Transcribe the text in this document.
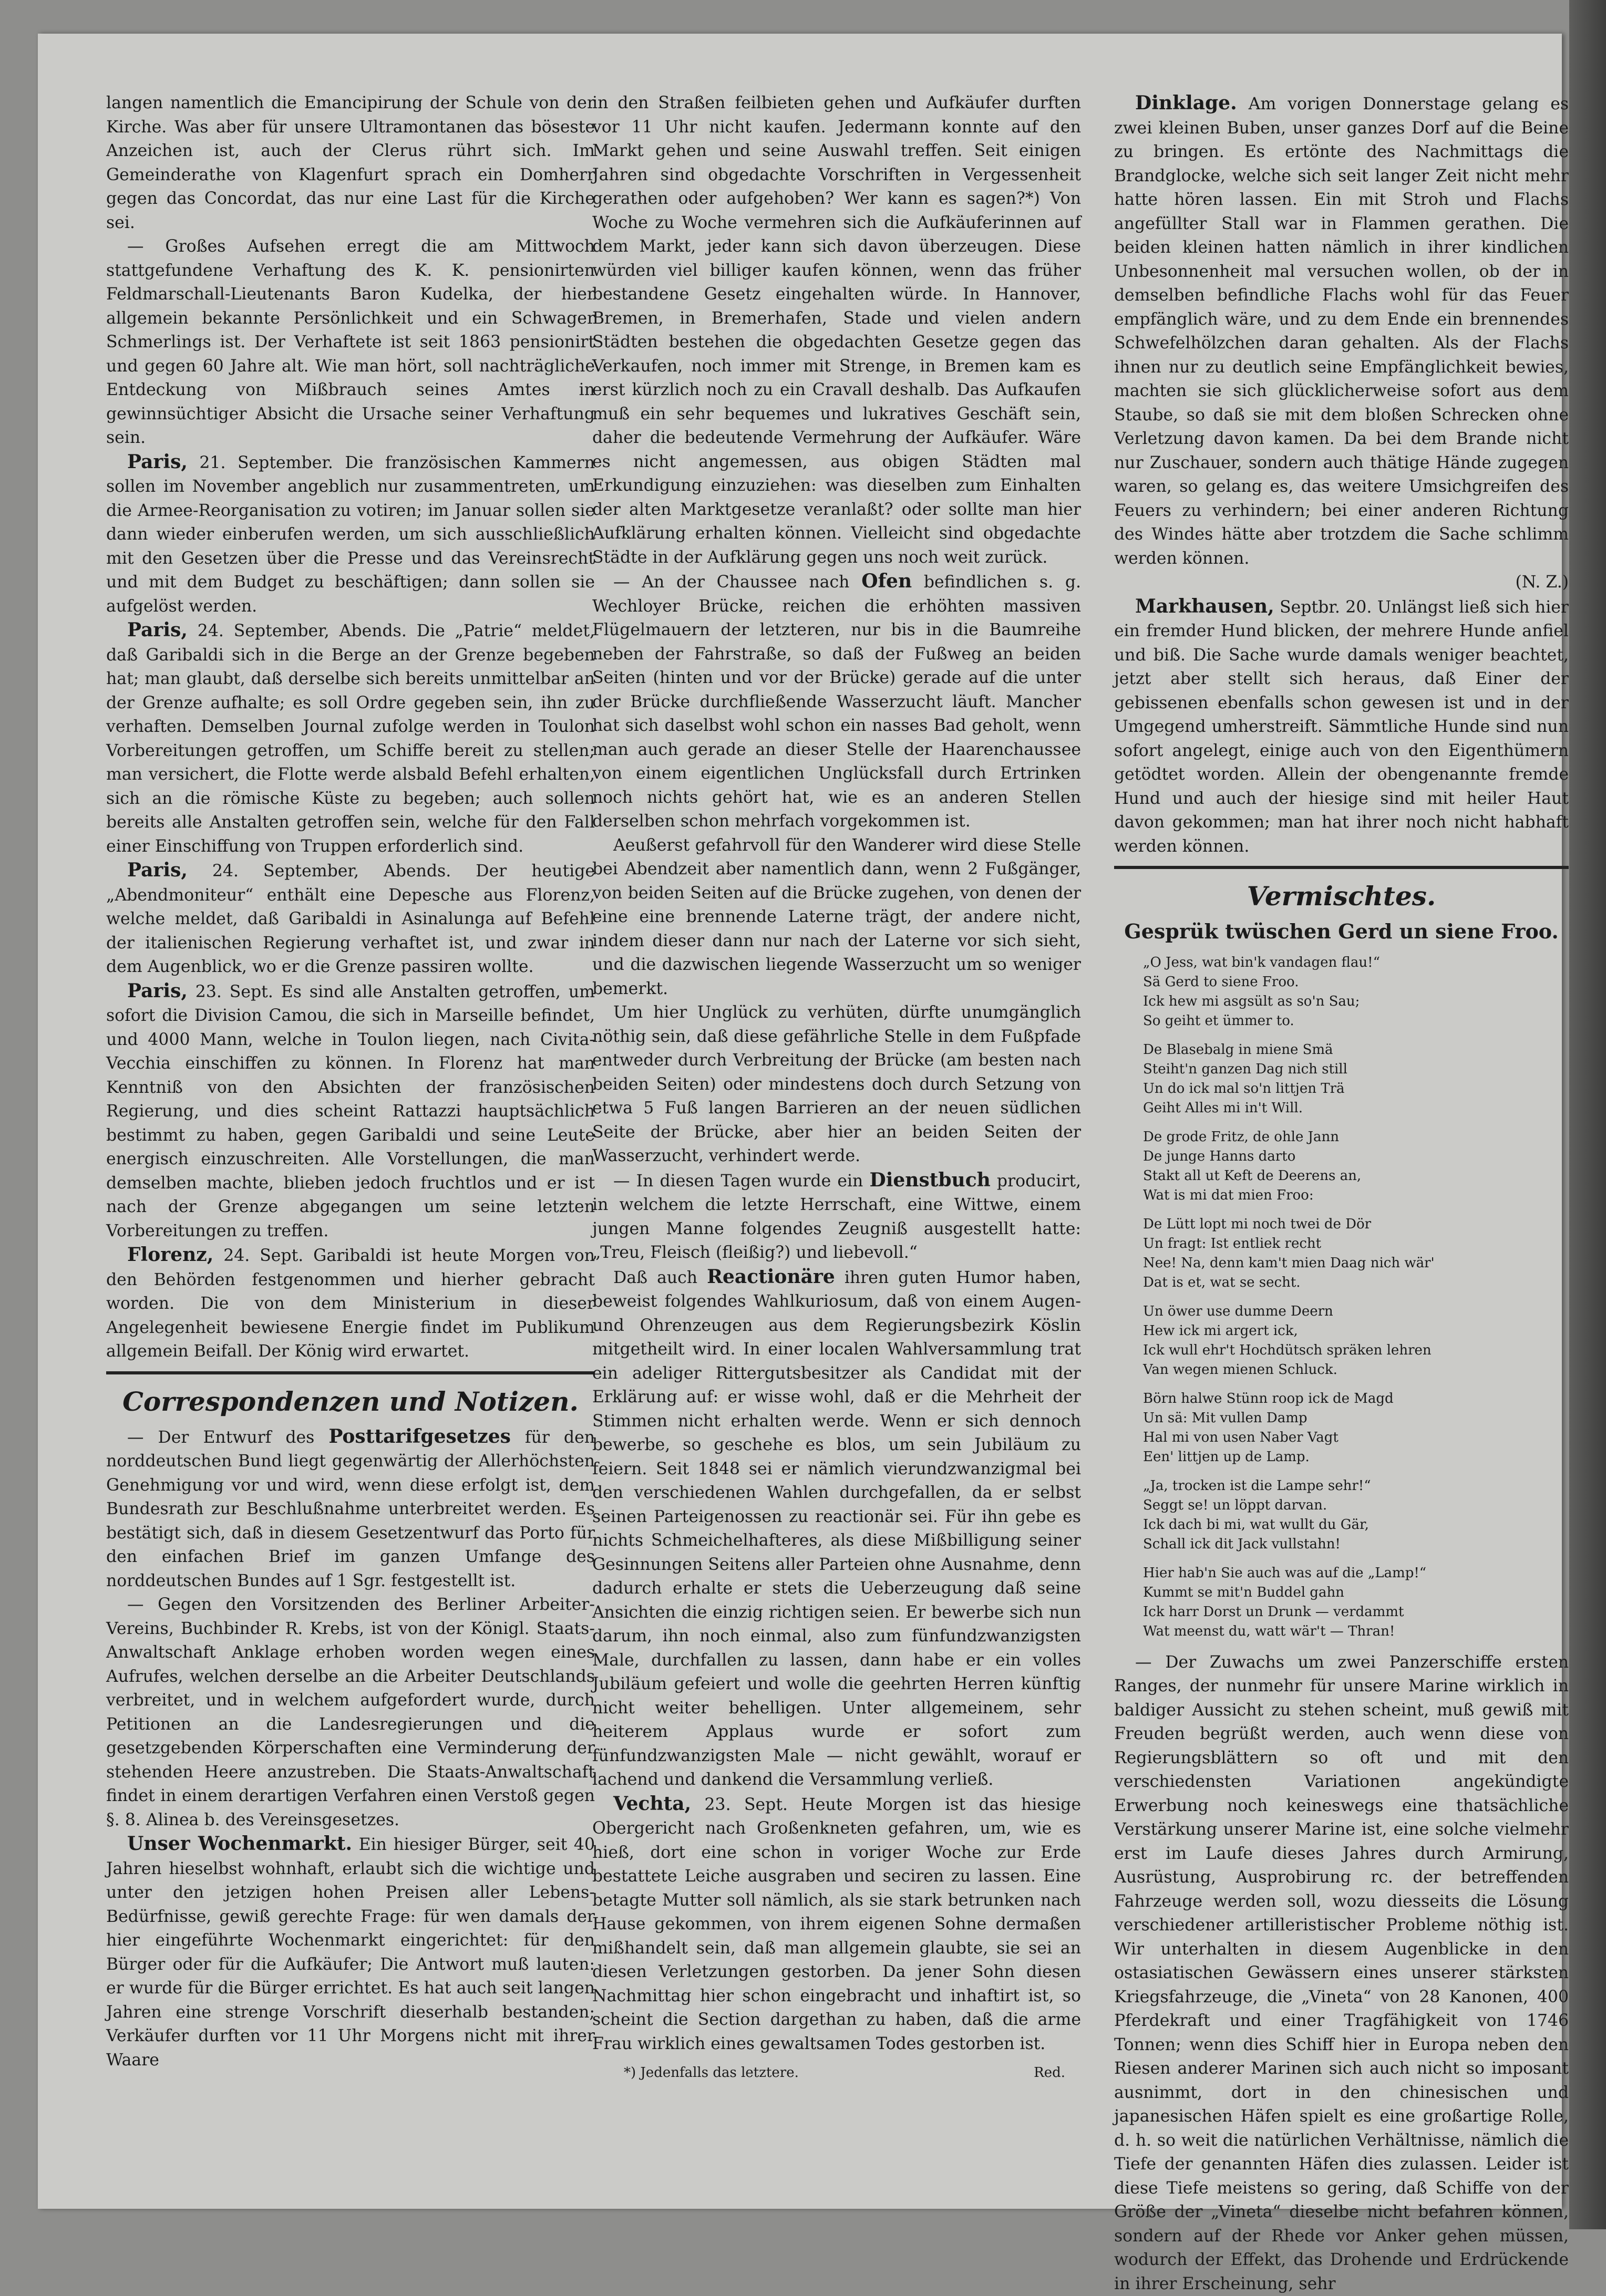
langen namentlich die Emancipirung der Schule von der Kirche. Was aber für unsere Ultramontanen das böseste Anzeichen ist, auch der Clerus rührt sich. Im Gemeinderathe von Klagenfurt sprach ein Domherr gegen das Concordat, das nur eine Last für die Kirche sei.

— Großes Aufsehen erregt die am Mittwoch stattgefundene Verhaftung des K. K. pensionirten Feldmarschall-Lieutenants Baron Kudelka, der hier allgemein bekannte Persönlichkeit und ein Schwager Schmerlings ist. Der Verhaftete ist seit 1863 pensionirt und gegen 60 Jahre alt. Wie man hört, soll nachträgliche Entdeckung von Mißbrauch seines Amtes in gewinnsüchtiger Absicht die Ursache seiner Verhaftung sein.

Paris, 21. September. Die französischen Kammern sollen im November angeblich nur zusammentreten, um die Armee-Reorganisation zu votiren; im Januar sollen sie dann wieder einberufen werden, um sich ausschließlich mit den Gesetzen über die Presse und das Vereinsrecht und mit dem Budget zu beschäftigen; dann sollen sie aufgelöst werden.

Paris, 24. September, Abends. Die „Patrie“ meldet, daß Garibaldi sich in die Berge an der Grenze begeben hat; man glaubt, daß derselbe sich bereits unmittelbar an der Grenze aufhalte; es soll Ordre gegeben sein, ihn zu verhaften. Demselben Journal zufolge werden in Toulon Vorbereitungen getroffen, um Schiffe bereit zu stellen; man versichert, die Flotte werde alsbald Befehl erhalten, sich an die römische Küste zu begeben; auch sollen bereits alle Anstalten getroffen sein, welche für den Fall einer Einschiffung von Truppen erforderlich sind.

Paris, 24. September, Abends. Der heutige „Abendmoniteur“ enthält eine Depesche aus Florenz, welche meldet, daß Garibaldi in Asinalunga auf Befehl der italienischen Regierung verhaftet ist, und zwar in dem Augenblick, wo er die Grenze passiren wollte.

Paris, 23. Sept. Es sind alle Anstalten getroffen, um sofort die Division Camou, die sich in Marseille befindet, und 4000 Mann, welche in Toulon liegen, nach Civita-Vecchia einschiffen zu können. In Florenz hat man Kenntniß von den Absichten der französischen Regierung, und dies scheint Rattazzi hauptsächlich bestimmt zu haben, gegen Garibaldi und seine Leute energisch einzuschreiten. Alle Vorstellungen, die man demselben machte, blieben jedoch fruchtlos und er ist nach der Grenze abgegangen um seine letzten Vorbereitungen zu treffen.

Florenz, 24. Sept. Garibaldi ist heute Morgen von den Behörden festgenommen und hierher gebracht worden. Die von dem Ministerium in dieser Angelegenheit bewiesene Energie findet im Publikum allgemein Beifall. Der König wird erwartet.

Correspondenzen und Notizen.

— Der Entwurf des Posttarifgesetzes für den norddeutschen Bund liegt gegenwärtig der Allerhöchsten Genehmigung vor und wird, wenn diese erfolgt ist, dem Bundesrath zur Beschlußnahme unterbreitet werden. Es bestätigt sich, daß in diesem Gesetzentwurf das Porto für den einfachen Brief im ganzen Umfange des norddeutschen Bundes auf 1 Sgr. festgestellt ist.

— Gegen den Vorsitzenden des Berliner Arbeiter-Vereins, Buchbinder R. Krebs, ist von der Königl. Staats-Anwaltschaft Anklage erhoben worden wegen eines Aufrufes, welchen derselbe an die Arbeiter Deutschlands verbreitet, und in welchem aufgefordert wurde, durch Petitionen an die Landesregierungen und die gesetzgebenden Körperschaften eine Verminderung der stehenden Heere anzustreben. Die Staats-Anwaltschaft findet in einem derartigen Verfahren einen Verstoß gegen §. 8. Alinea b. des Vereinsgesetzes.

Unser Wochenmarkt. Ein hiesiger Bürger, seit 40 Jahren hieselbst wohnhaft, erlaubt sich die wichtige und unter den jetzigen hohen Preisen aller Lebens-Bedürfnisse, gewiß gerechte Frage: für wen damals der hier eingeführte Wochenmarkt eingerichtet: für den Bürger oder für die Aufkäufer; Die Antwort muß lauten: er wurde für die Bürger errichtet. Es hat auch seit langen Jahren eine strenge Vorschrift dieserhalb bestanden; Verkäufer durften vor 11 Uhr Morgens nicht mit ihrer Waare

in den Straßen feilbieten gehen und Aufkäufer durften vor 11 Uhr nicht kaufen. Jedermann konnte auf den Markt gehen und seine Auswahl treffen. Seit einigen Jahren sind obgedachte Vorschriften in Vergessenheit gerathen oder aufgehoben? Wer kann es sagen?*) Von Woche zu Woche vermehren sich die Aufkäuferinnen auf dem Markt, jeder kann sich davon überzeugen. Diese würden viel billiger kaufen können, wenn das früher bestandene Gesetz eingehalten würde. In Hannover, Bremen, in Bremerhafen, Stade und vielen andern Städten bestehen die obgedachten Gesetze gegen das Verkaufen, noch immer mit Strenge, in Bremen kam es erst kürzlich noch zu ein Cravall deshalb. Das Aufkaufen muß ein sehr bequemes und lukratives Geschäft sein, daher die bedeutende Vermehrung der Aufkäufer. Wäre es nicht angemessen, aus obigen Städten mal Erkundigung einzuziehen: was dieselben zum Einhalten der alten Marktgesetze veranlaßt? oder sollte man hier Aufklärung erhalten können. Vielleicht sind obgedachte Städte in der Aufklärung gegen uns noch weit zurück.

— An der Chaussee nach Ofen befindlichen s. g. Wechloyer Brücke, reichen die erhöhten massiven Flügelmauern der letzteren, nur bis in die Baumreihe neben der Fahrstraße, so daß der Fußweg an beiden Seiten (hinten und vor der Brücke) gerade auf die unter der Brücke durchfließende Wasserzucht läuft. Mancher hat sich daselbst wohl schon ein nasses Bad geholt, wenn man auch gerade an dieser Stelle der Haarenchaussee von einem eigentlichen Unglücksfall durch Ertrinken noch nichts gehört hat, wie es an anderen Stellen derselben schon mehrfach vorgekommen ist.

Aeußerst gefahrvoll für den Wanderer wird diese Stelle bei Abendzeit aber namentlich dann, wenn 2 Fußgänger, von beiden Seiten auf die Brücke zugehen, von denen der eine eine brennende Laterne trägt, der andere nicht, indem dieser dann nur nach der Laterne vor sich sieht, und die dazwischen liegende Wasserzucht um so weniger bemerkt.

Um hier Unglück zu verhüten, dürfte unumgänglich nöthig sein, daß diese gefährliche Stelle in dem Fußpfade entweder durch Verbreitung der Brücke (am besten nach beiden Seiten) oder mindestens doch durch Setzung von etwa 5 Fuß langen Barrieren an der neuen südlichen Seite der Brücke, aber hier an beiden Seiten der Wasserzucht, verhindert werde.

— In diesen Tagen wurde ein Dienstbuch producirt, in welchem die letzte Herrschaft, eine Wittwe, einem jungen Manne folgendes Zeugniß ausgestellt hatte: „Treu, Fleisch (fleißig?) und liebevoll.“

Daß auch Reactionäre ihren guten Humor haben, beweist folgendes Wahlkuriosum, daß von einem Augen- und Ohrenzeugen aus dem Regierungsbezirk Köslin mitgetheilt wird. In einer localen Wahlversammlung trat ein adeliger Rittergutsbesitzer als Candidat mit der Erklärung auf: er wisse wohl, daß er die Mehrheit der Stimmen nicht erhalten werde. Wenn er sich dennoch bewerbe, so geschehe es blos, um sein Jubiläum zu feiern. Seit 1848 sei er nämlich vierundzwanzigmal bei den verschiedenen Wahlen durchgefallen, da er selbst seinen Parteigenossen zu reactionär sei. Für ihn gebe es nichts Schmeichelhafteres, als diese Mißbilligung seiner Gesinnungen Seitens aller Parteien ohne Ausnahme, denn dadurch erhalte er stets die Ueberzeugung daß seine Ansichten die einzig richtigen seien. Er bewerbe sich nun darum, ihn noch einmal, also zum fünfundzwanzigsten Male, durchfallen zu lassen, dann habe er ein volles Jubiläum gefeiert und wolle die geehrten Herren künftig nicht weiter behelligen. Unter allgemeinem, sehr heiterem Applaus wurde er sofort zum fünfundzwanzigsten Male — nicht gewählt, worauf er lachend und dankend die Versammlung verließ.

Vechta, 23. Sept. Heute Morgen ist das hiesige Obergericht nach Großenkneten gefahren, um, wie es hieß, dort eine schon in voriger Woche zur Erde bestattete Leiche ausgraben und seciren zu lassen. Eine betagte Mutter soll nämlich, als sie stark betrunken nach Hause gekommen, von ihrem eigenen Sohne dermaßen mißhandelt sein, daß man allgemein glaubte, sie sei an diesen Verletzungen gestorben. Da jener Sohn diesen Nachmittag hier schon eingebracht und inhaftirt ist, so scheint die Section dargethan zu haben, daß die arme Frau wirklich eines gewaltsamen Todes gestorben ist.

*) Jedenfalls das letztere.	Red.

Dinklage. Am vorigen Donnerstage gelang es zwei kleinen Buben, unser ganzes Dorf auf die Beine zu bringen. Es ertönte des Nachmittags die Brandglocke, welche sich seit langer Zeit nicht mehr hatte hören lassen. Ein mit Stroh und Flachs angefüllter Stall war in Flammen gerathen. Die beiden kleinen hatten nämlich in ihrer kindlichen Unbesonnenheit mal versuchen wollen, ob der in demselben befindliche Flachs wohl für das Feuer empfänglich wäre, und zu dem Ende ein brennendes Schwefelhölzchen daran gehalten. Als der Flachs ihnen nur zu deutlich seine Empfänglichkeit bewies, machten sie sich glücklicherweise sofort aus dem Staube, so daß sie mit dem bloßen Schrecken ohne Verletzung davon kamen. Da bei dem Brande nicht nur Zuschauer, sondern auch thätige Hände zugegen waren, so gelang es, das weitere Umsichgreifen des Feuers zu verhindern; bei einer anderen Richtung des Windes hätte aber trotzdem die Sache schlimm werden können.

(N. Z.)

Markhausen, Septbr. 20. Unlängst ließ sich hier ein fremder Hund blicken, der mehrere Hunde anfiel und biß. Die Sache wurde damals weniger beachtet, jetzt aber stellt sich heraus, daß Einer der gebissenen ebenfalls schon gewesen ist und in der Umgegend umherstreift. Sämmtliche Hunde sind nun sofort angelegt, einige auch von den Eigenthümern getödtet worden. Allein der obengenannte fremde Hund und auch der hiesige sind mit heiler Haut davon gekommen; man hat ihrer noch nicht habhaft werden können.

Vermischtes.
Gesprük twüschen Gerd un siene Froo.
„O Jess, wat bin'k vandagen flau!“
Sä Gerd to siene Froo.
Ick hew mi asgsült as so'n Sau;
So geiht et ümmer to.
De Blasebalg in miene Smä
Steiht'n ganzen Dag nich still
Un do ick mal so'n littjen Trä
Geiht Alles mi in't Will.
De grode Fritz, de ohle Jann
De junge Hanns darto
Stakt all ut Keft de Deerens an,
Wat is mi dat mien Froo:
De Lütt lopt mi noch twei de Dör
Un fragt: Ist entliek recht
Nee! Na, denn kam't mien Daag nich wär'
Dat is et, wat se secht.
Un öwer use dumme Deern
Hew ick mi argert ick,
Ick wull ehr't Hochdütsch spräken lehren
Van wegen mienen Schluck.
Börn halwe Stünn roop ick de Magd
Un sä: Mit vullen Damp
Hal mi von usen Naber Vagt
Een' littjen up de Lamp.
„Ja, trocken ist die Lampe sehr!“
Seggt se! un löppt darvan.
Ick dach bi mi, wat wullt du Gär,
Schall ick dit Jack vullstahn!
Hier hab'n Sie auch was auf die „Lamp!“
Kummt se mit'n Buddel gahn
Ick harr Dorst un Drunk — verdammt
Wat meenst du, watt wär't — Thran!

— Der Zuwachs um zwei Panzerschiffe ersten Ranges, der nunmehr für unsere Marine wirklich in baldiger Aussicht zu stehen scheint, muß gewiß mit Freuden begrüßt werden, auch wenn diese von Regierungsblättern so oft und mit den verschiedensten Variationen angekündigte Erwerbung noch keineswegs eine thatsächliche Verstärkung unserer Marine ist, eine solche vielmehr erst im Laufe dieses Jahres durch Armirung, Ausrüstung, Ausprobirung rc. der betreffenden Fahrzeuge werden soll, wozu diesseits die Lösung verschiedener artilleristischer Probleme nöthig ist. Wir unterhalten in diesem Augenblicke in den ostasiatischen Gewässern eines unserer stärksten Kriegsfahrzeuge, die „Vineta“ von 28 Kanonen, 400 Pferdekraft und einer Tragfähigkeit von 1746 Tonnen; wenn dies Schiff hier in Europa neben den Riesen anderer Marinen sich auch nicht so imposant ausnimmt, dort in den chinesischen und japanesischen Häfen spielt es eine großartige Rolle, d. h. so weit die natürlichen Verhältnisse, nämlich die Tiefe der genannten Häfen dies zulassen. Leider ist diese Tiefe meistens so gering, daß Schiffe von der Größe der „Vineta“ dieselbe nicht befahren können, sondern auf der Rhede vor Anker gehen müssen, wodurch der Effekt, das Drohende und Erdrückende in ihrer Erscheinung, sehr
